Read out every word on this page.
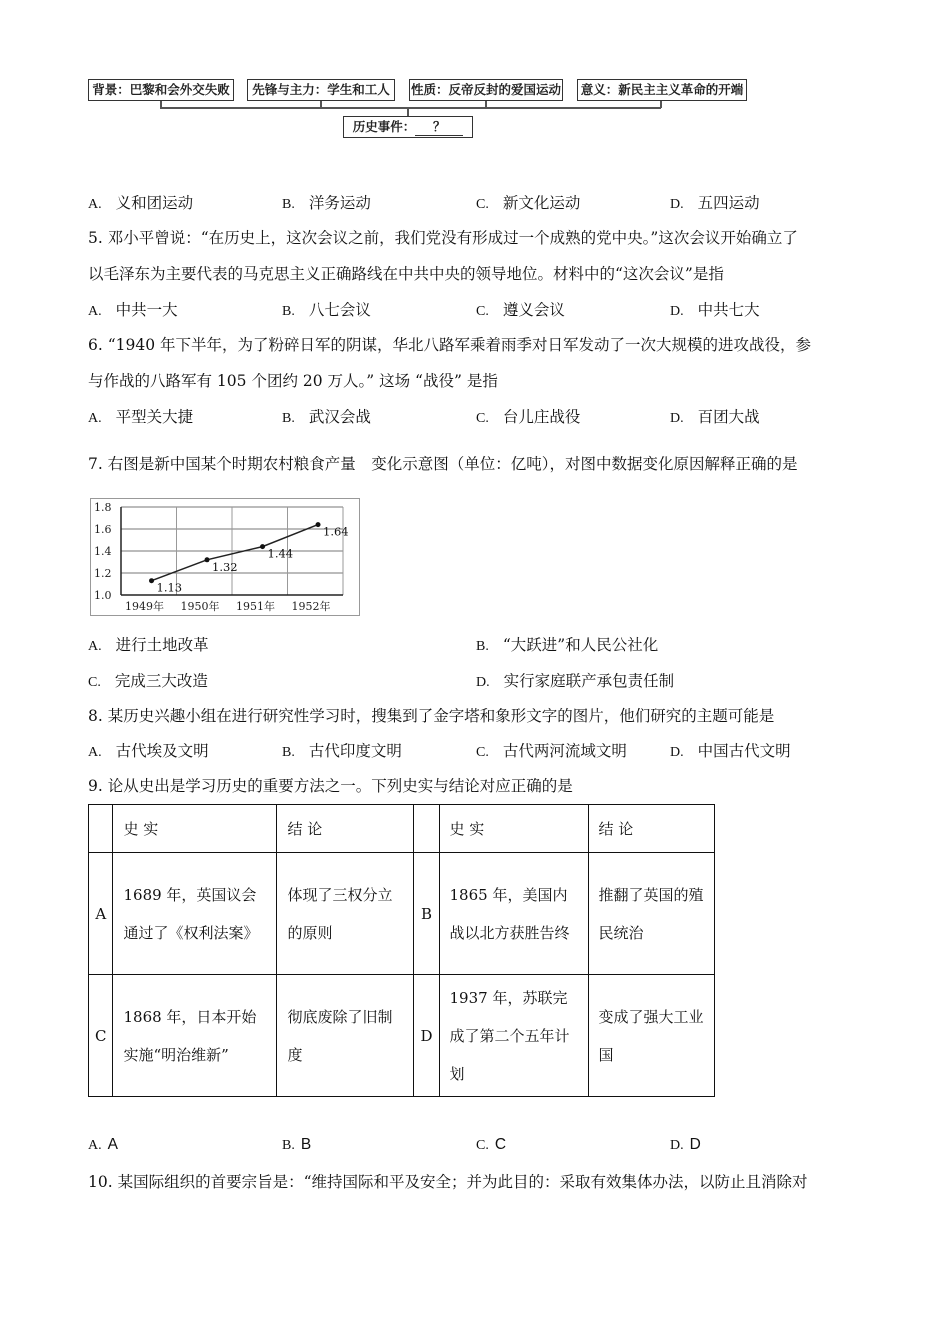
背景：巴黎和会外交失败	先锋与主力：学生和工人	性质：反帝反封的爱国运动 意义：新民主主义革命的开端
历史事件： ？
A. 义和团运动	B. 洋务运动	C. 新文化运动	D. 五四运动
5. 邓小平曾说：“在历史上，这次会议之前，我们党没有形成过一个成熟的党中央。”这次会议开始确立了
以毛泽东为主要代表的马克思主义正确路线在中共中央的领导地位。材料中的“这次会议”是指
A. 中共一大	B. 八七会议	C. 遵义会议	D. 中共七大
6. “1940 年下半年，为了粉碎日军的阴谋，华北八路军乘着雨季对日军发动了一次大规模的进攻战役，参
与作战的八路军有 105 个团约 20 万人。” 这场 “战役” 是指
A. 平型关大捷	B. 武汉会战	C. 台儿庄战役	D. 百团大战
7. 右图是新中国某个时期农村粮食产量　变化示意图（单位：亿吨），对图中数据变化原因解释正确的是
1.0
1.2
1.4
1.6
1.8
1949年 1950年 1951年 1952年
1.13
1.32
1.44
1.64
A. 进行土地改革	B. “大跃进”和人民公社化
C. 完成三大改造	D. 实行家庭联产承包责任制
8. 某历史兴趣小组在进行研究性学习时，搜集到了金字塔和象形文字的图片，他们研究的主题可能是
A. 古代埃及文明	B. 古代印度文明	C. 古代两河流域文明	D. 中国古代文明
9. 论从史出是学习历史的重要方法之一。下列史实与结论对应正确的是
	史 实	结 论		史 实	结 论
A	1689 年，英国议会通过了《权利法案》	体现了三权分立的原则	B	1865 年，美国内战以北方获胜告终	推翻了英国的殖民统治
C	1868 年，日本开始实施“明治维新”	彻底废除了旧制度	D	1937 年，苏联完成了第二个五年计划	变成了强大工业国
A. A	B. B	C. C	D. D
10. 某国际组织的首要宗旨是：“维持国际和平及安全；并为此目的：采取有效集体办法，以防止且消除对
